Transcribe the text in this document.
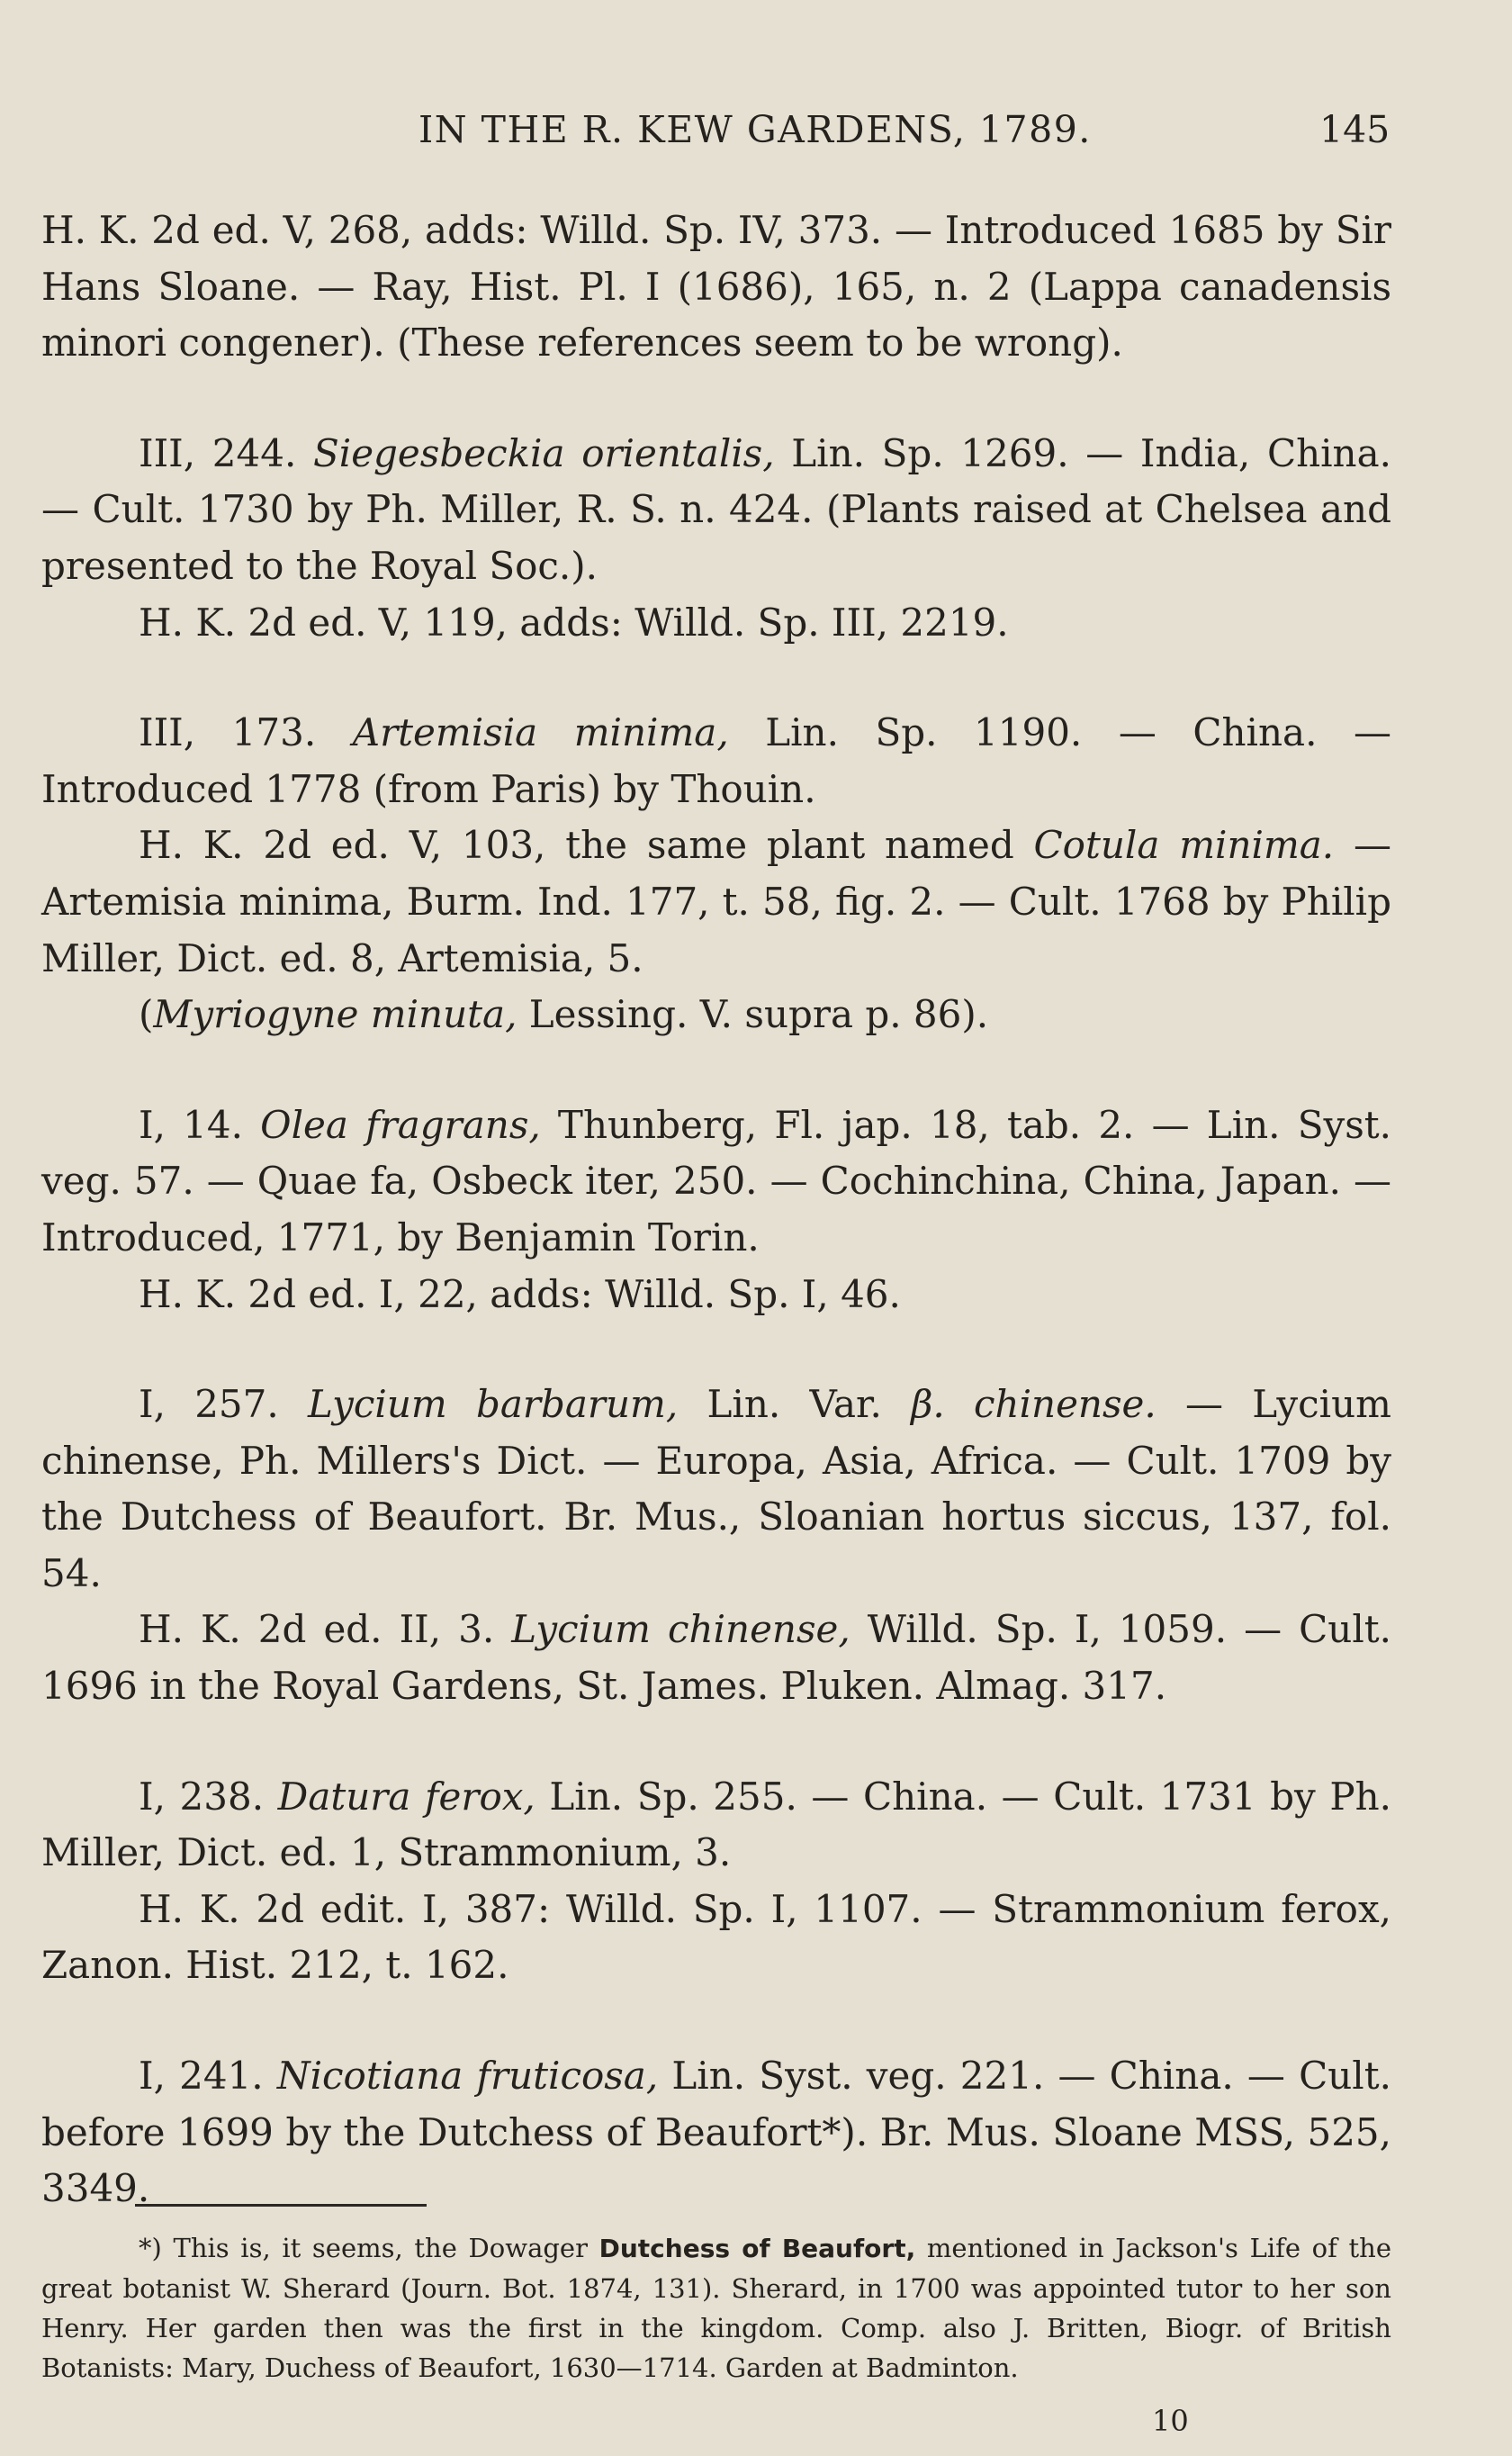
IN THE R. KEW GARDENS, 1789.	145

H. K. 2d ed. V, 268, adds: Willd. Sp. IV, 373. — Introduced 1685 by Sir Hans Sloane. — Ray, Hist. Pl. I (1686), 165, n. 2 (Lappa canadensis minori congener). (These references seem to be wrong).

III, 244. Siegesbeckia orientalis, Lin. Sp. 1269. — India, China. — Cult. 1730 by Ph. Miller, R. S. n. 424. (Plants raised at Chelsea and presented to the Royal Soc.).

H. K. 2d ed. V, 119, adds: Willd. Sp. III, 2219.

III, 173. Artemisia minima, Lin. Sp. 1190. — China. — Introduced 1778 (from Paris) by Thouin.

H. K. 2d ed. V, 103, the same plant named Cotula minima. — Artemisia minima, Burm. Ind. 177, t. 58, fig. 2. — Cult. 1768 by Philip Miller, Dict. ed. 8, Artemisia, 5.

(Myriogyne minuta, Lessing. V. supra p. 86).

I, 14. Olea fragrans, Thunberg, Fl. jap. 18, tab. 2. — Lin. Syst. veg. 57. — Quae fa, Osbeck iter, 250. — Cochinchina, China, Japan. — Introduced, 1771, by Benjamin Torin.

H. K. 2d ed. I, 22, adds: Willd. Sp. I, 46.

I, 257. Lycium barbarum, Lin. Var. β. chinense. — Lycium chinense, Ph. Millers's Dict. — Europa, Asia, Africa. — Cult. 1709 by the Dutchess of Beaufort. Br. Mus., Sloanian hortus siccus, 137, fol. 54.

H. K. 2d ed. II, 3. Lycium chinense, Willd. Sp. I, 1059. — Cult. 1696 in the Royal Gardens, St. James. Pluken. Almag. 317.

I, 238. Datura ferox, Lin. Sp. 255. — China. — Cult. 1731 by Ph. Miller, Dict. ed. 1, Strammonium, 3.

H. K. 2d edit. I, 387: Willd. Sp. I, 1107. — Strammonium ferox, Zanon. Hist. 212, t. 162.

I, 241. Nicotiana fruticosa, Lin. Syst. veg. 221. — China. — Cult. before 1699 by the Dutchess of Beaufort*). Br. Mus. Sloane MSS, 525, 3349.

*) This is, it seems, the Dowager Dutchess of Beaufort, mentioned in Jackson's Life of the great botanist W. Sherard (Journ. Bot. 1874, 131). Sherard, in 1700 was appointed tutor to her son Henry. Her garden then was the first in the kingdom. Comp. also J. Britten, Biogr. of British Botanists: Mary, Duchess of Beaufort, 1630—1714. Garden at Badminton.

10
